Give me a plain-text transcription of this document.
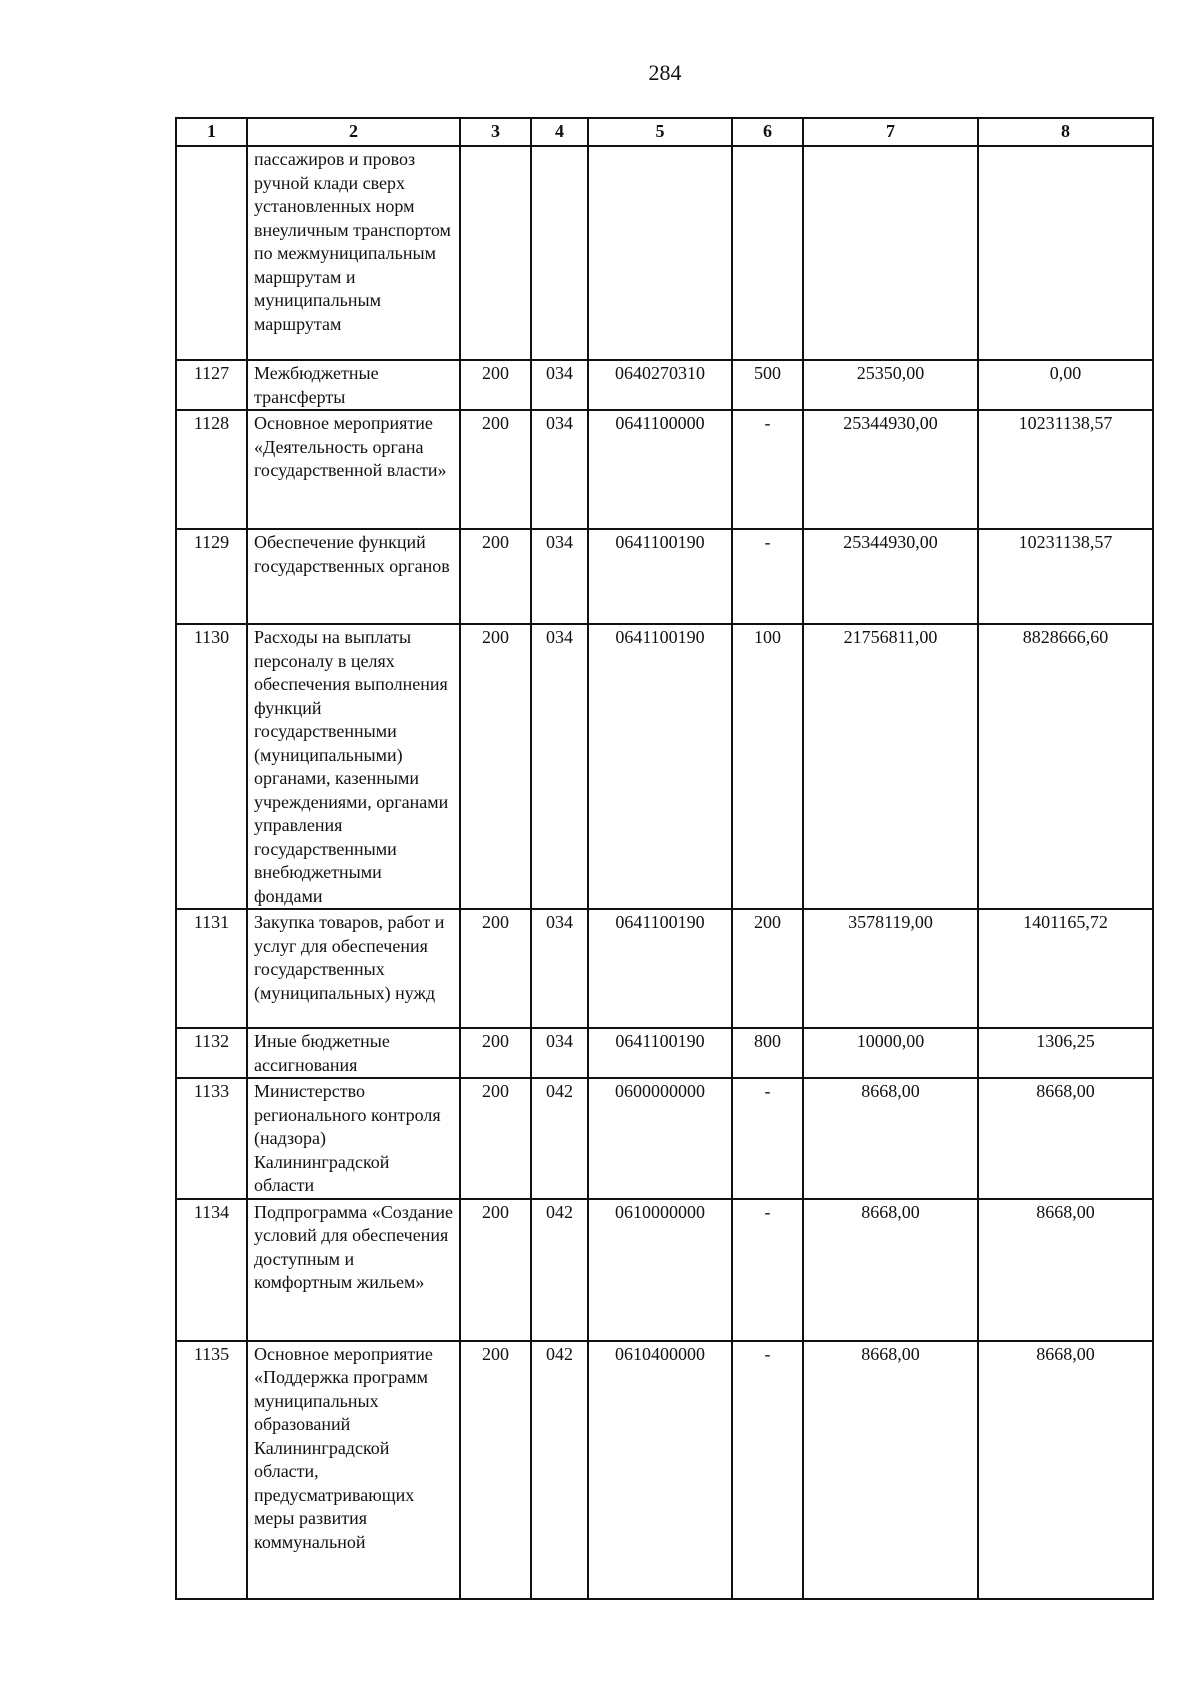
284
1	2	3	4	5	6	7	8
	пассажиров и провоз ручной клади сверх установленных норм внеуличным транспортом по межмуниципальным маршрутам и муниципальным маршрутам						
1127	Межбюджетные трансферты	200	034	0640270310	500	25350,00	0,00
1128	Основное мероприятие «Деятельность органа государственной власти»	200	034	0641100000	-	25344930,00	10231138,57
1129	Обеспечение функций государственных органов	200	034	0641100190	-	25344930,00	10231138,57
1130	Расходы на выплаты персоналу в целях обеспечения выполнения функций государственными (муниципальными) органами, казенными учреждениями, органами управления государственными внебюджетными фондами	200	034	0641100190	100	21756811,00	8828666,60
1131	Закупка товаров, работ и услуг для обеспечения государственных (муниципальных) нужд	200	034	0641100190	200	3578119,00	1401165,72
1132	Иные бюджетные ассигнования	200	034	0641100190	800	10000,00	1306,25
1133	Министерство регионального контроля (надзора) Калининградской области	200	042	0600000000	-	8668,00	8668,00
1134	Подпрограмма «Создание условий для обеспечения доступным и комфортным жильем»	200	042	0610000000	-	8668,00	8668,00
1135	Основное мероприятие «Поддержка программ муниципальных образований Калининградской области, предусматривающих меры развития коммунальной	200	042	0610400000	-	8668,00	8668,00
